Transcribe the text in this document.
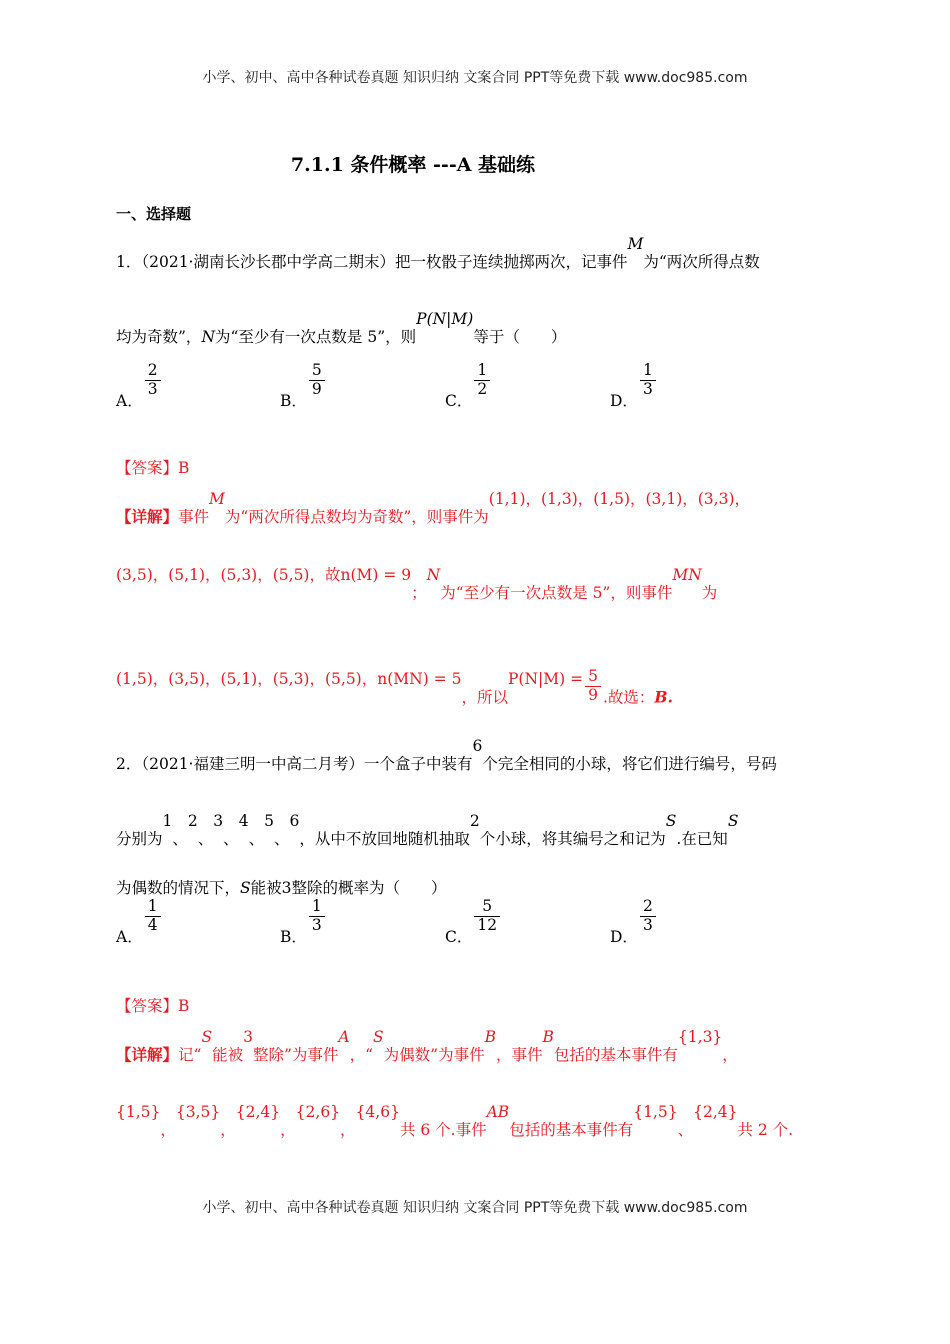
小学、初中、高中各种试卷真题 知识归纳 文案合同 PPT等免费下载 www.doc985.com
7.1.1 条件概率 ---A 基础练
一、选择题
1．（2021·湖南长沙长郡中学高二期末）把一枚骰子连续抛掷两次，记事件M为“两次所得点数
均为奇数”，N为“至少有一次点数是 5”，则P(N|M)等于（　　）
A．
$\frac{2}{3}$
B．
$\frac{5}{9}$
C．
$\frac{1}{2}$
D．
$\frac{1}{3}$
【答案】B
【详解】事件M为“两次所得点数均为奇数”，则事件为(1,1)，(1,3)，(1,5)，(3,1)，(3,3)，
(3,5)，(5,1)，(5,3)，(5,5)，故n(M) = 9；N为“至少有一次点数是 5”，则事件MN为
(1,5)，(3,5)，(5,1)，(5,3)，(5,5)，n(MN) = 5，所以$P(N|M) = \frac{5}{9}$ .故选：B.
2．（2021·福建三明一中高二月考）一个盒子中装有6个完全相同的小球，将它们进行编号，号码
分别为1、2、3、4、5、6，从中不放回地随机抽取2个小球，将其编号之和记为S.在已知S
为偶数的情况下，S能被3整除的概率为（　　）
A．
$\frac{1}{4}$
B．
$\frac{1}{3}$
C．
$\frac{5}{12}$
D．
$\frac{2}{3}$
【答案】B
【详解】记“S能被3整除”为事件A，“S为偶数”为事件B，事件B包括的基本事件有{1,3}，
{1,5}，{3,5}，{2,4}，{2,6}，{4,6}共 6 个.事件AB包括的基本事件有{1,5}、{2,4}共 2 个.
小学、初中、高中各种试卷真题 知识归纳 文案合同 PPT等免费下载 www.doc985.com
